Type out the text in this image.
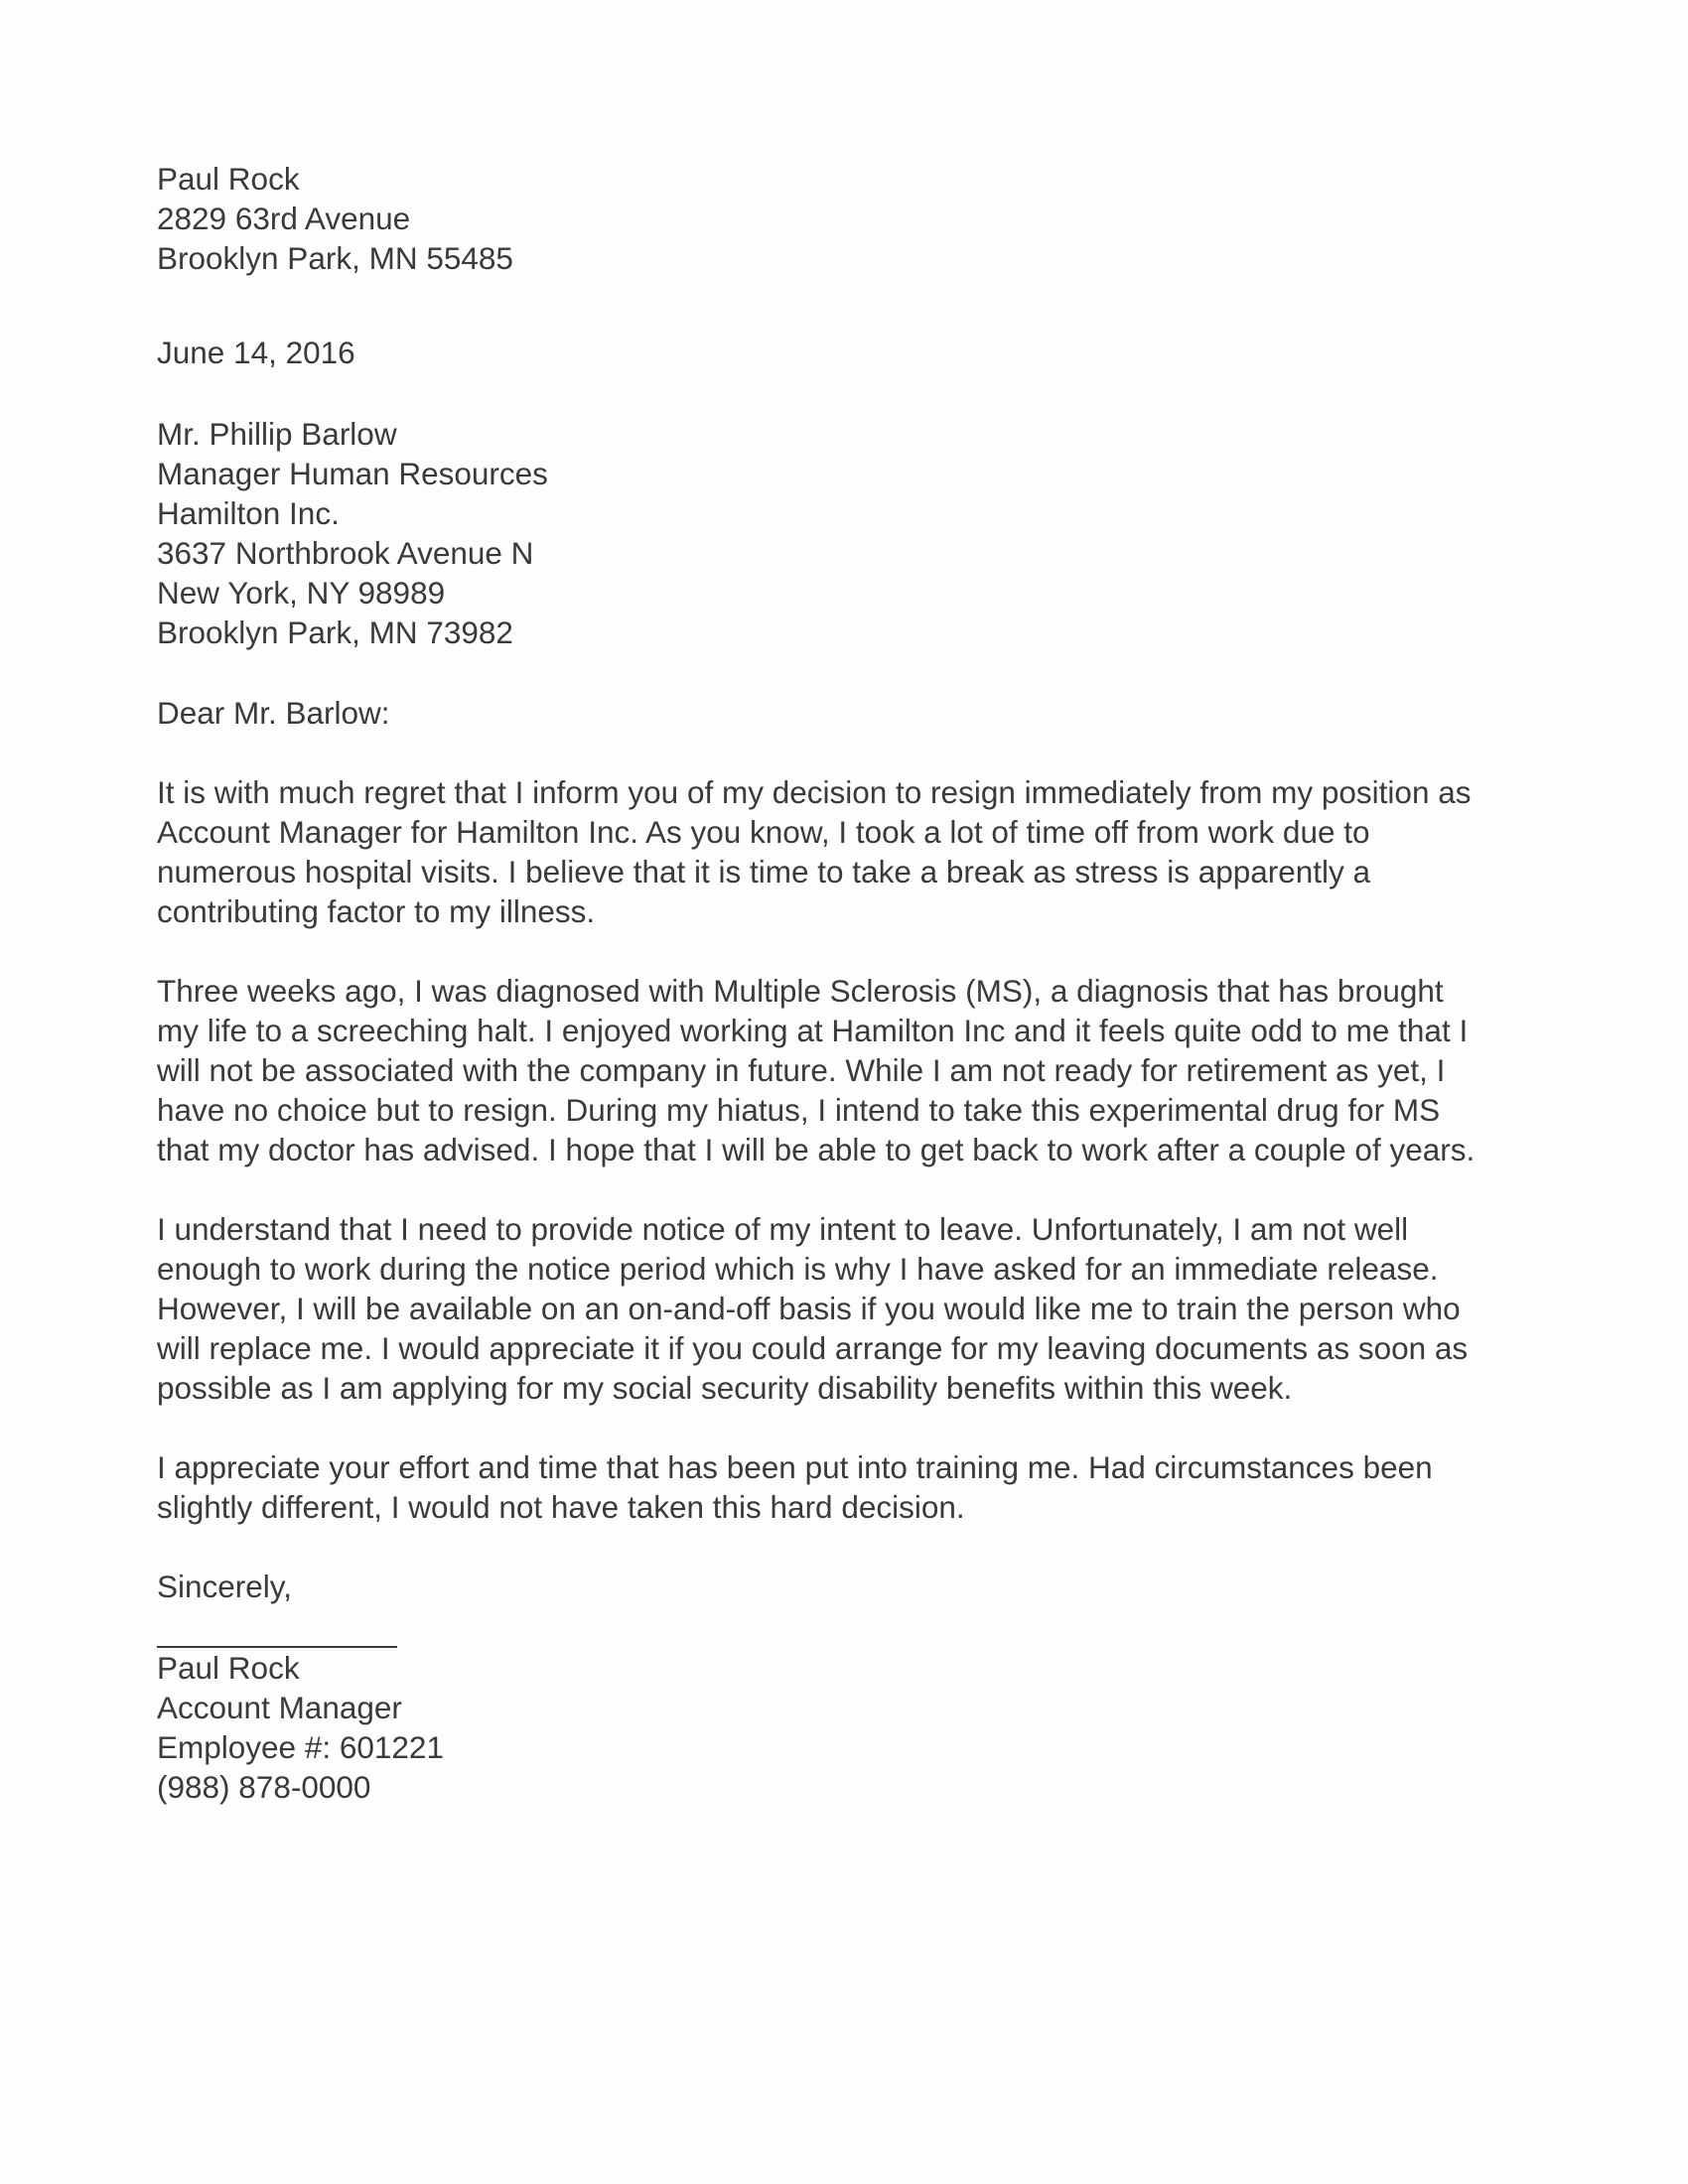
Paul Rock
2829 63rd Avenue
Brooklyn Park, MN 55485
June 14, 2016
Mr. Phillip Barlow
Manager Human Resources
Hamilton Inc.
3637 Northbrook Avenue N
New York, NY 98989
Brooklyn Park, MN 73982
Dear Mr. Barlow:
It is with much regret that I inform you of my decision to resign immediately from my position as
Account Manager for Hamilton Inc. As you know, I took a lot of time off from work due to
numerous hospital visits. I believe that it is time to take a break as stress is apparently a
contributing factor to my illness.
Three weeks ago, I was diagnosed with Multiple Sclerosis (MS), a diagnosis that has brought
my life to a screeching halt. I enjoyed working at Hamilton Inc and it feels quite odd to me that I
will not be associated with the company in future. While I am not ready for retirement as yet, I
have no choice but to resign. During my hiatus, I intend to take this experimental drug for MS
that my doctor has advised. I hope that I will be able to get back to work after a couple of years.
I understand that I need to provide notice of my intent to leave. Unfortunately, I am not well
enough to work during the notice period which is why I have asked for an immediate release.
However, I will be available on an on-and-off basis if you would like me to train the person who
will replace me. I would appreciate it if you could arrange for my leaving documents as soon as
possible as I am applying for my social security disability benefits within this week.
I appreciate your effort and time that has been put into training me. Had circumstances been
slightly different, I would not have taken this hard decision.
Sincerely,
Paul Rock
Account Manager
Employee #: 601221
(988) 878-0000
